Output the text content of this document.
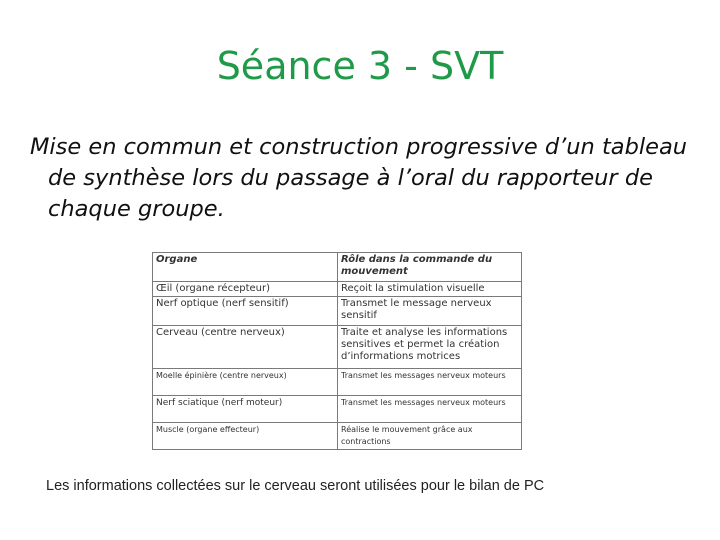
Séance 3 - SVT
Mise en commun et construction progressive d’un tableau de synthèse lors du passage à l’oral du rapporteur de chaque groupe.
Organe	Rôle dans la commande du mouvement
Œil (organe récepteur)	Reçoit la stimulation visuelle
Nerf optique (nerf sensitif)	Transmet le message nerveux sensitif
Cerveau (centre nerveux)	Traite et analyse les informations sensitives et permet la création d’informations motrices
Moelle épinière (centre nerveux)	Transmet les messages nerveux moteurs
Nerf sciatique (nerf moteur)	Transmet les messages nerveux moteurs
Muscle (organe effecteur)	Réalise le mouvement grâce aux contractions
Les informations collectées sur le cerveau seront utilisées pour le bilan de PC
